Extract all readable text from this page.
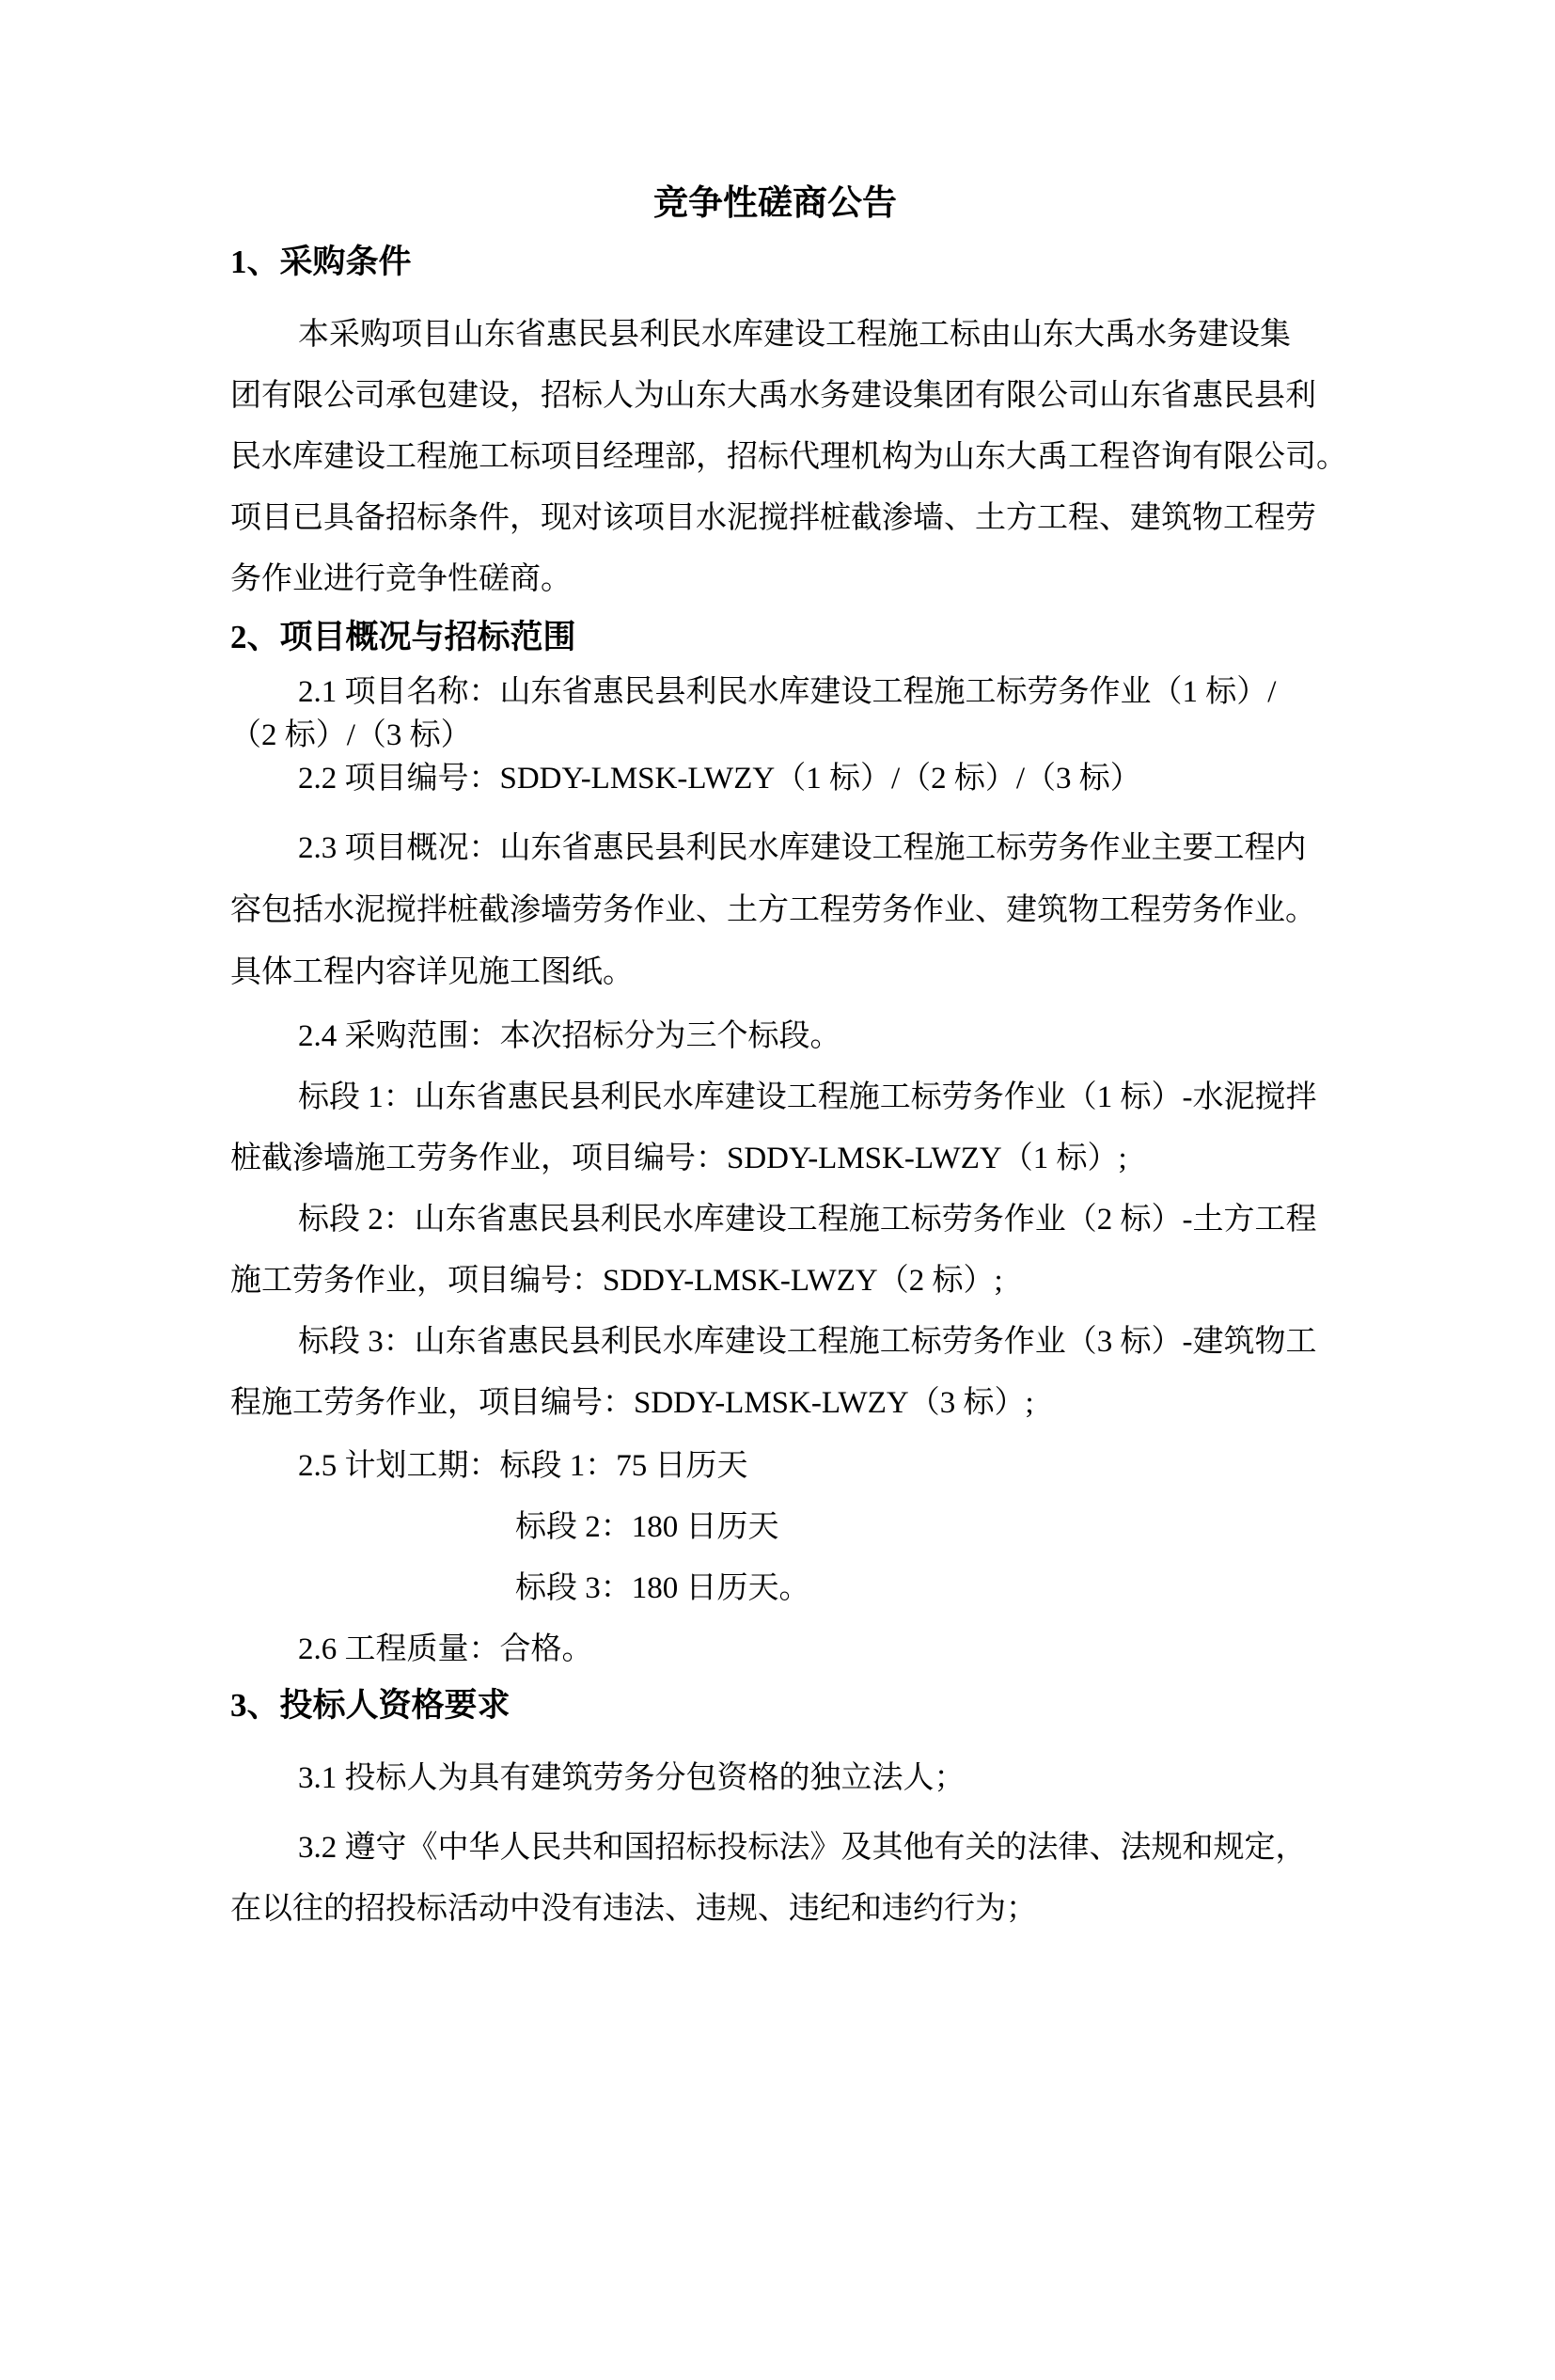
竞争性磋商公告
1、采购条件
本采购项目山东省惠民县利民水库建设工程施工标由山东大禹水务建设集
团有限公司承包建设，招标人为山东大禹水务建设集团有限公司山东省惠民县利
民水库建设工程施工标项目经理部，招标代理机构为山东大禹工程咨询有限公司。
项目已具备招标条件，现对该项目水泥搅拌桩截渗墙、土方工程、建筑物工程劳
务作业进行竞争性磋商。
2、项目概况与招标范围
2.1 项目名称：山东省惠民县利民水库建设工程施工标劳务作业（1 标）/
（2 标）/（3 标）
2.2 项目编号：SDDY-LMSK-LWZY（1 标）/（2 标）/（3 标）
2.3 项目概况：山东省惠民县利民水库建设工程施工标劳务作业主要工程内
容包括水泥搅拌桩截渗墙劳务作业、土方工程劳务作业、建筑物工程劳务作业。
具体工程内容详见施工图纸。
2.4 采购范围：本次招标分为三个标段。
标段 1：山东省惠民县利民水库建设工程施工标劳务作业（1 标）-水泥搅拌
桩截渗墙施工劳务作业，项目编号：SDDY-LMSK-LWZY（1 标）;
标段 2：山东省惠民县利民水库建设工程施工标劳务作业（2 标）-土方工程
施工劳务作业，项目编号：SDDY-LMSK-LWZY（2 标）;
标段 3：山东省惠民县利民水库建设工程施工标劳务作业（3 标）-建筑物工
程施工劳务作业，项目编号：SDDY-LMSK-LWZY（3 标）;
2.5 计划工期：标段 1：75 日历天
标段 2：180 日历天
标段 3：180 日历天。
2.6 工程质量：合格。
3、投标人资格要求
3.1 投标人为具有建筑劳务分包资格的独立法人；
3.2 遵守《中华人民共和国招标投标法》及其他有关的法律、法规和规定，
在以往的招投标活动中没有违法、违规、违纪和违约行为；
